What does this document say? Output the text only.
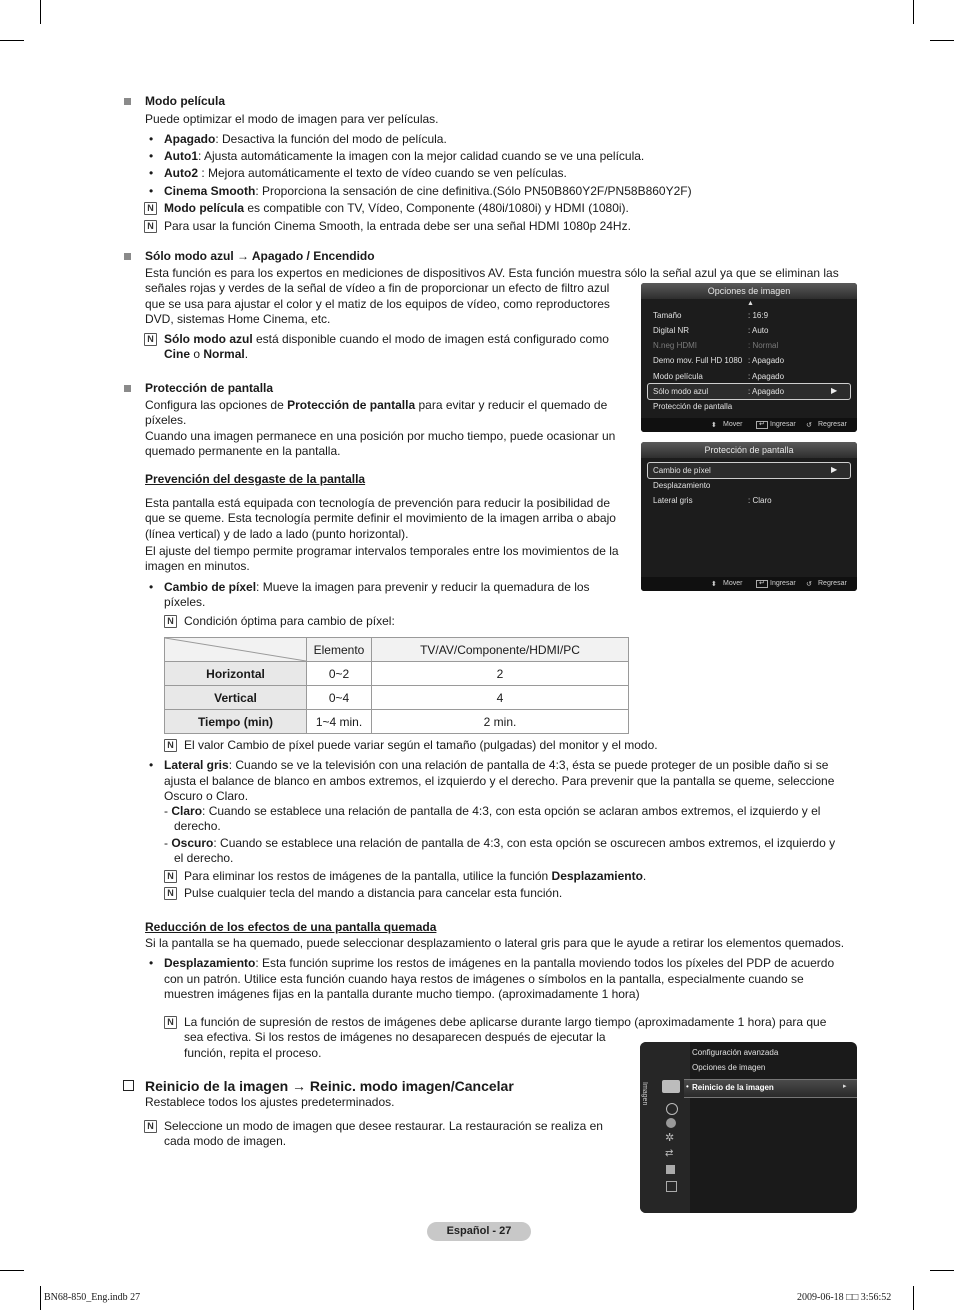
Modo película
Puede optimizar el modo de imagen para ver películas.
• Apagado: Desactiva la función del modo de película.
• Auto1: Ajusta automáticamente la imagen con la mejor calidad cuando se ve una película.
• Auto2 : Mejora automáticamente el texto de vídeo cuando se ven películas.
• Cinema Smooth: Proporciona la sensación de cine definitiva.(Sólo PN50B860Y2F/PN58B860Y2F)
N Modo película es compatible con TV, Vídeo, Componente (480i/1080i) y HDMI (1080i).
N Para usar la función Cinema Smooth, la entrada debe ser una señal HDMI 1080p 24Hz.
Sólo modo azul → Apagado / Encendido
Esta función es para los expertos en mediciones de dispositivos AV. Esta función muestra sólo la señal azul ya que se eliminan las
señales rojas y verdes de la señal de vídeo a fin de proporcionar un efecto de filtro azul
que se usa para ajustar el color y el matiz de los equipos de vídeo, como reproductores
DVD, sistemas Home Cinema, etc.
N Sólo modo azul está disponible cuando el modo de imagen está configurado como
Cine o Normal.
Protección de pantalla
Configura las opciones de Protección de pantalla para evitar y reducir el quemado de
píxeles.
Cuando una imagen permanece en una posición por mucho tiempo, puede ocasionar un
quemado permanente en la pantalla.
Prevención del desgaste de la pantalla
Esta pantalla está equipada con tecnología de prevención para reducir la posibilidad de
que se queme. Esta tecnología permite definir el movimiento de la imagen arriba o abajo
(línea vertical) y de lado a lado (punto horizontal).
El ajuste del tiempo permite programar intervalos temporales entre los movimientos de la
imagen en minutos.
• Cambio de píxel: Mueve la imagen para prevenir y reducir la quemadura de los
píxeles.
N Condición óptima para cambio de píxel:
	Elemento	TV/AV/Componente/HDMI/PC
Horizontal	0~2	2
Vertical	0~4	4
Tiempo (min)	1~4 min.	2 min.
N El valor Cambio de píxel puede variar según el tamaño (pulgadas) del monitor y el modo.
• Lateral gris: Cuando se ve la televisión con una relación de pantalla de 4:3, ésta se puede proteger de un posible daño si se
ajusta el balance de blanco en ambos extremos, el izquierdo y el derecho. Para prevenir que la pantalla se queme, seleccione
Oscuro o Claro.
- Claro: Cuando se establece una relación de pantalla de 4:3, con esta opción se aclaran ambos extremos, el izquierdo y el
derecho.
- Oscuro: Cuando se establece una relación de pantalla de 4:3, con esta opción se oscurecen ambos extremos, el izquierdo y
el derecho.
N Para eliminar los restos de imágenes de la pantalla, utilice la función Desplazamiento.
N Pulse cualquier tecla del mando a distancia para cancelar esta función.
Reducción de los efectos de una pantalla quemada
Si la pantalla se ha quemado, puede seleccionar desplazamiento o lateral gris para que le ayude a retirar los elementos quemados.
• Desplazamiento: Esta función suprime los restos de imágenes en la pantalla moviendo todos los píxeles del PDP de acuerdo
con un patrón. Utilice esta función cuando haya restos de imágenes o símbolos en la pantalla, especialmente cuando se
muestren imágenes fijas en la pantalla durante mucho tiempo. (aproximadamente 1 hora)
N La función de supresión de restos de imágenes debe aplicarse durante largo tiempo (aproximadamente 1 hora) para que
sea efectiva. Si los restos de imágenes no desaparecen después de ejecutar la
función, repita el proceso.
Reinicio de la imagen → Reinic. modo imagen/Cancelar
Restablece todos los ajustes predeterminados.
N Seleccione un modo de imagen que desee restaurar. La restauración se realiza en
cada modo de imagen.
Opciones de imagen
▲
Tamaño	: 16:9
Digital NR	: Auto
N.neg HDMI	: Normal
Demo mov. Full HD 1080 : Apagado
Modo película	: Apagado
Sólo modo azul	: Apagado	▶
Protección de pantalla
⬍ Mover	↵ Ingresar ↺ Regresar
Protección de pantalla
Cambio de píxel	▶
Desplazamiento
Lateral gris	: Claro
⬍ Mover	↵ Ingresar ↺ Regresar
Imagen
✲
⇄
Configuración avanzada
Opciones de imagen
• Reinicio de la imagen	▸
Español - 27
BN68-850_Eng.indb 27	2009-06-18 □□ 3:56:52
